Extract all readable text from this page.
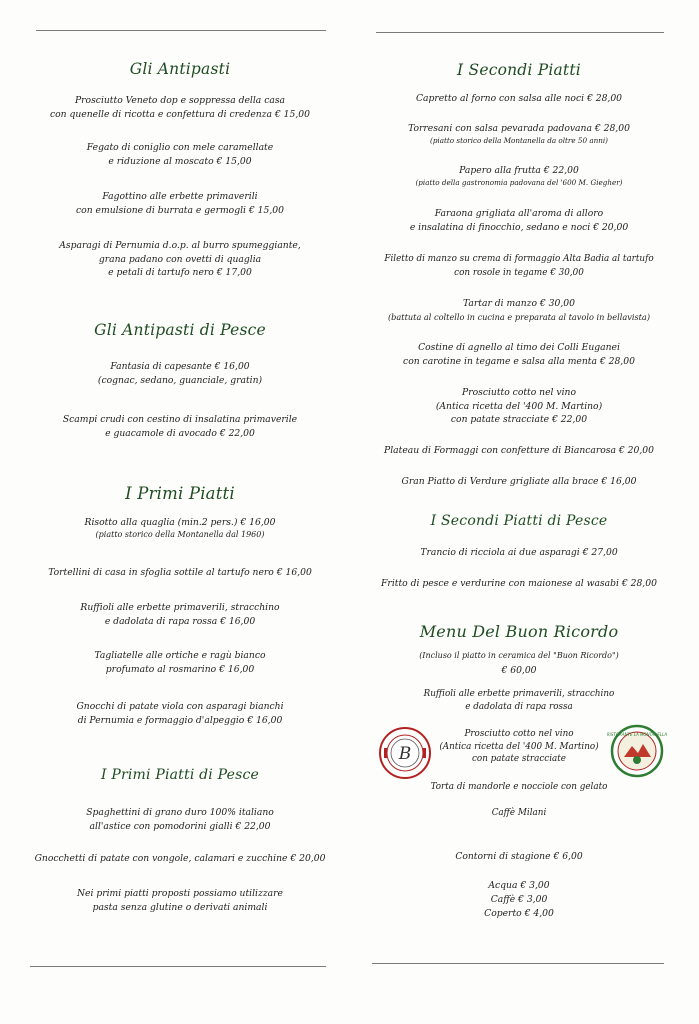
Gli Antipasti
Prosciutto Veneto dop e soppressa della casa
con quenelle di ricotta e confettura di credenza € 15,00
Fegato di coniglio con mele caramellate
e riduzione al moscato € 15,00
Fagottino alle erbette primaverili
con emulsione di burrata e germogli € 15,00
Asparagi di Pernumia d.o.p. al burro spumeggiante,
grana padano con ovetti di quaglia
e petali di tartufo nero € 17,00
Gli Antipasti di Pesce
Fantasia di capesante € 16,00
(cognac, sedano, guanciale, gratin)
Scampi crudi con cestino di insalatina primaverile
e guacamole di avocado € 22,00
I Primi Piatti
Risotto alla quaglia (min.2 pers.) € 16,00
(piatto storico della Montanella dal 1960)
Tortellini di casa in sfoglia sottile al tartufo nero € 16,00
Ruffioli alle erbette primaverili, stracchino
e dadolata di rapa rossa € 16,00
Tagliatelle alle ortiche e ragù bianco
profumato al rosmarino € 16,00
Gnocchi di patate viola con asparagi bianchi
di Pernumia e formaggio d'alpeggio € 16,00
I Primi Piatti di Pesce
Spaghettini di grano duro 100% italiano
all'astice con pomodorini gialli € 22,00
Gnocchetti di patate con vongole, calamari e zucchine € 20,00
Nei primi piatti proposti possiamo utilizzare
pasta senza glutine o derivati animali
I Secondi Piatti
Capretto al forno con salsa alle noci € 28,00
Torresani con salsa pevarada padovana € 28,00
(piatto storico della Montanella da oltre 50 anni)
Papero alla frutta € 22,00
(piatto della gastronomia padovana del '600 M. Giegher)
Faraona grigliata all'aroma di alloro
e insalatina di finocchio, sedano e noci € 20,00
Filetto di manzo su crema di formaggio Alta Badia al tartufo
con rosole in tegame € 30,00
Tartar di manzo € 30,00
(battuta al coltello in cucina e preparata al tavolo in bellavista)
Costine di agnello al timo dei Colli Euganei
con carotine in tegame e salsa alla menta € 28,00
Prosciutto cotto nel vino
(Antica ricetta del '400 M. Martino)
con patate stracciate € 22,00
Plateau di Formaggi con confetture di Biancarosa € 20,00
Gran Piatto di Verdure grigliate alla brace € 16,00
I Secondi Piatti di Pesce
Trancio di ricciola ai due asparagi € 27,00
Fritto di pesce e verdurine con maionese al wasabi € 28,00
Menu Del Buon Ricordo
(Incluso il piatto in ceramica del "Buon Ricordo")
€ 60,00
Ruffioli alle erbette primaverili, stracchino
e dadolata di rapa rossa
Prosciutto cotto nel vino
(Antica ricetta del '400 M. Martino)
con patate stracciate
Torta di mandorle e nocciole con gelato
Caffè Milani
Contorni di stagione € 6,00
Acqua € 3,00
Caffè € 3,00
Coperto € 4,00
B
RISTORANTE LA MONTANELLA
